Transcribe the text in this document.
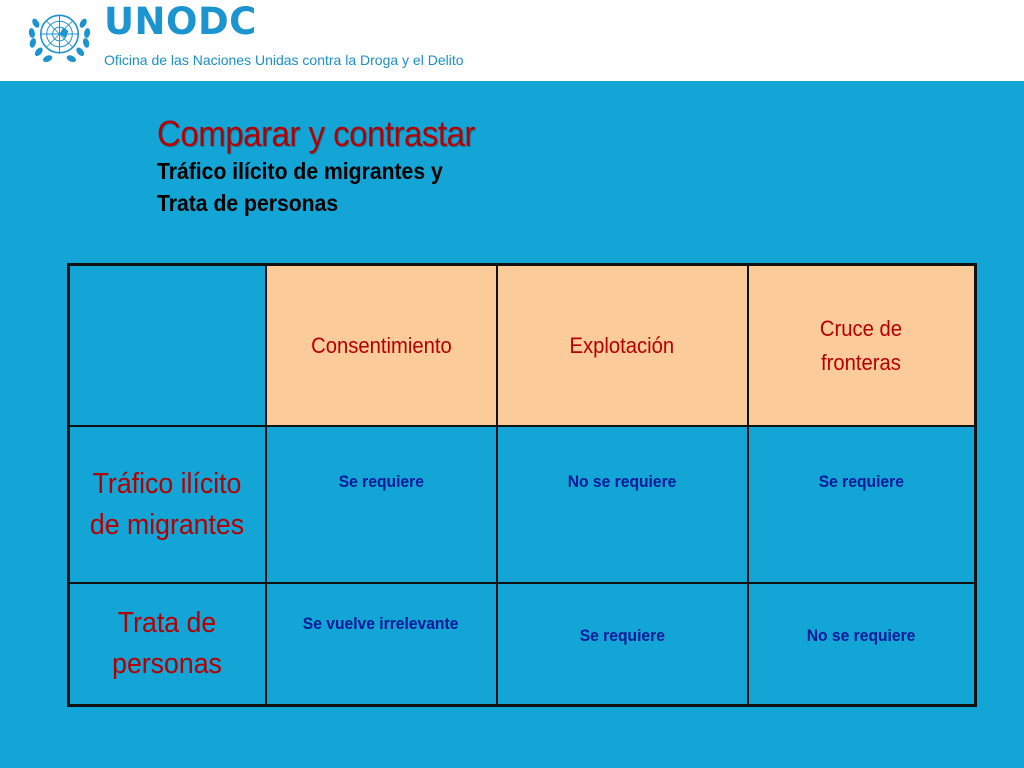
UNODC
Oficina de las Naciones Unidas contra la Droga y el Delito
Comparar y contrastar
Tráfico ilícito de migrantes y
Trata de personas
	Consentimiento	Explotación	Cruce de fronteras
Tráfico ilícito de migrantes	Se requiere	No se requiere	Se requiere
Trata de personas	Se vuelve irrelevante	Se requiere	No se requiere
